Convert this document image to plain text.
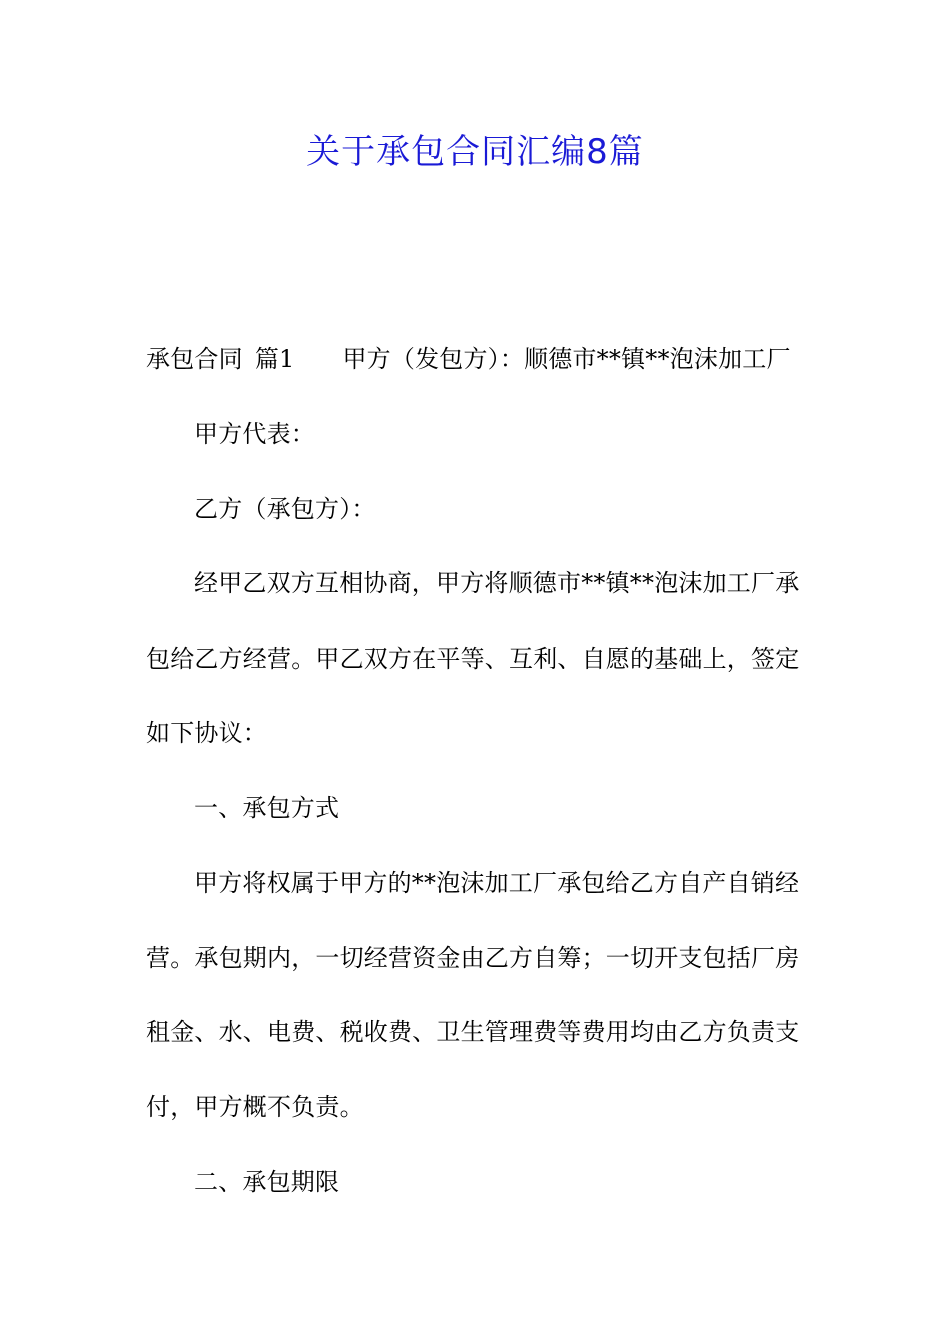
关于承包合同汇编8篇
承包合同 篇1 甲方（发包方）：顺德市**镇**泡沫加工厂
甲方代表：
乙方（承包方）：
经甲乙双方互相协商，甲方将顺德市**镇**泡沫加工厂承
包给乙方经营。甲乙双方在平等、互利、自愿的基础上，签定
如下协议：
一、承包方式
甲方将权属于甲方的**泡沫加工厂承包给乙方自产自销经
营。承包期内，一切经营资金由乙方自筹；一切开支包括厂房
租金、水、电费、税收费、卫生管理费等费用均由乙方负责支
付，甲方概不负责。
二、承包期限
